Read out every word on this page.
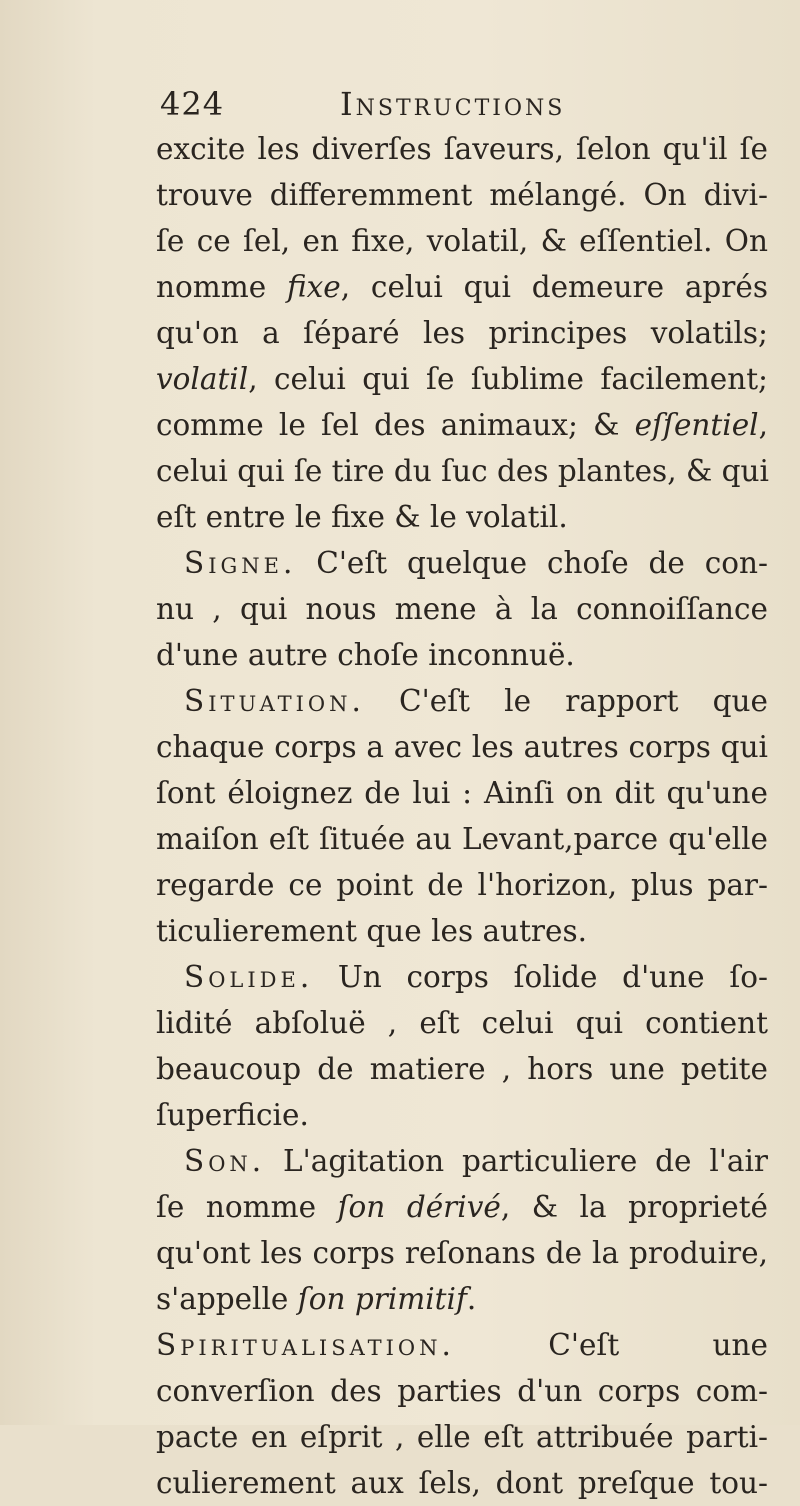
424	Instructions
excite les diverſes ſaveurs, ſelon qu'il ſe
trouve differemment mélangé. On divi-
ſe ce ſel, en fixe, volatil, & eſſentiel. On
nomme fixe, celui qui demeure aprés
qu'on a ſéparé les principes volatils;
volatil, celui qui ſe ſublime facilement;
comme le ſel des animaux; & eſſentiel,
celui qui ſe tire du ſuc des plantes, & qui
eſt entre le fixe & le volatil.
Signe. C'eſt quelque choſe de con-
nu , qui nous mene à la connoiſſance
d'une autre choſe inconnuë.
Situation. C'eſt le rapport que
chaque corps a avec les autres corps qui
ſont éloignez de lui : Ainſi on dit qu'une
maiſon eſt ſituée au Levant,parce qu'elle
regarde ce point de l'horizon, plus par-
ticulierement que les autres.
Solide. Un corps ſolide d'une ſo-
lidité abſoluë , eſt celui qui contient
beaucoup de matiere , hors une petite
ſuperficie.
Son. L'agitation particuliere de l'air
ſe nomme ſon dérivé, & la proprieté
qu'ont les corps reſonans de la produire,
s'appelle ſon primitif.
Spiritualisation. C'eſt une
converſion des parties d'un corps com-
pacte en eſprit , elle eſt attribuée parti-
culierement aux ſels, dont preſque tou-
